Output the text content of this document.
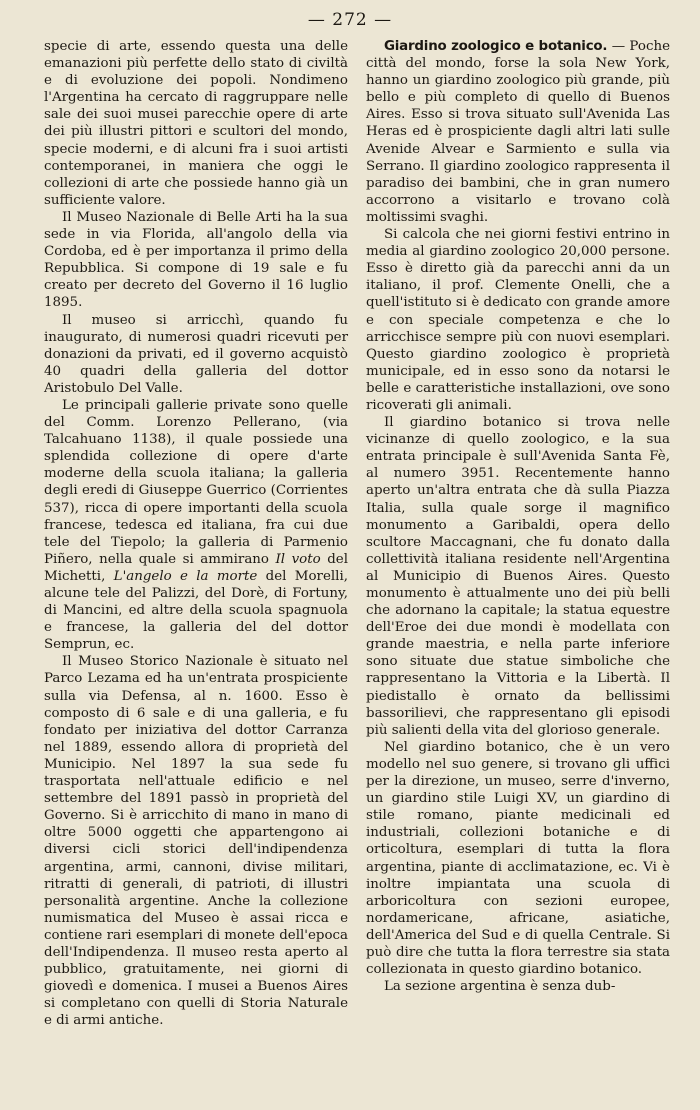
— 272 —

specie di arte, essendo questa una delle emanazioni più perfette dello stato di civiltà e di evoluzione dei popoli. Nondimeno l'Argentina ha cercato di raggruppare nelle sale dei suoi musei parecchie opere di arte dei più illustri pittori e scultori del mondo, specie moderni, e di alcuni fra i suoi artisti contemporanei, in maniera che oggi le collezioni di arte che possiede hanno già un sufficiente valore.

Il Museo Nazionale di Belle Arti ha la sua sede in via Florida, all'angolo della via Cordoba, ed è per importanza il primo della Repubblica. Si compone di 19 sale e fu creato per decreto del Governo il 16 luglio 1895.

Il museo si arricchì, quando fu inaugurato, di numerosi quadri ricevuti per donazioni da privati, ed il governo acquistò 40 quadri della galleria del dottor Aristobulo Del Valle.

Le principali gallerie private sono quelle del Comm. Lorenzo Pellerano, (via Talcahuano 1138), il quale possiede una splendida collezione di opere d'arte moderne della scuola italiana; la galleria degli eredi di Giuseppe Guerrico (Corrientes 537), ricca di opere importanti della scuola francese, tedesca ed italiana, fra cui due tele del Tiepolo; la galleria di Parmenio Piñero, nella quale si ammirano Il voto del Michetti, L'angelo e la morte del Morelli, alcune tele del Palizzi, del Dorè, di Fortuny, di Mancini, ed altre della scuola spagnuola e francese, la galleria del del dottor Semprun, ec.

Il Museo Storico Nazionale è situato nel Parco Lezama ed ha un'entrata prospiciente sulla via Defensa, al n. 1600. Esso è composto di 6 sale e di una galleria, e fu fondato per iniziativa del dottor Carranza nel 1889, essendo allora di proprietà del Municipio. Nel 1897 la sua sede fu trasportata nell'attuale edificio e nel settembre del 1891 passò in proprietà del Governo. Si è arricchito di mano in mano di oltre 5000 oggetti che appartengono ai diversi cicli storici dell'indipendenza argentina, armi, cannoni, divise militari, ritratti di generali, di patrioti, di illustri personalità argentine. Anche la collezione numismatica del Museo è assai ricca e contiene rari esemplari di monete dell'epoca dell'Indipendenza. Il museo resta aperto al pubblico, gratuitamente, nei giorni di giovedì e domenica. I musei a Buenos Aires si completano con quelli di Storia Naturale e di armi antiche.

Giardino zoologico e botanico. — Poche città del mondo, forse la sola New York, hanno un giardino zoologico più grande, più bello e più completo di quello di Buenos Aires. Esso si trova situato sull'Avenida Las Heras ed è prospiciente dagli altri lati sulle Avenide Alvear e Sarmiento e sulla via Serrano. Il giardino zoologico rappresenta il paradiso dei bambini, che in gran numero accorrono a visitarlo e trovano colà moltissimi svaghi.

Si calcola che nei giorni festivi entrino in media al giardino zoologico 20,000 persone. Esso è diretto già da parecchi anni da un italiano, il prof. Clemente Onelli, che a quell'istituto si è dedicato con grande amore e con speciale competenza e che lo arricchisce sempre più con nuovi esemplari. Questo giardino zoologico è proprietà municipale, ed in esso sono da notarsi le belle e caratteristiche installazioni, ove sono ricoverati gli animali.

Il giardino botanico si trova nelle vicinanze di quello zoologico, e la sua entrata principale è sull'Avenida Santa Fè, al numero 3951. Recentemente hanno aperto un'altra entrata che dà sulla Piazza Italia, sulla quale sorge il magnifico monumento a Garibaldi, opera dello scultore Maccagnani, che fu donato dalla collettività italiana residente nell'Argentina al Municipio di Buenos Aires. Questo monumento è attualmente uno dei più belli che adornano la capitale; la statua equestre dell'Eroe dei due mondi è modellata con grande maestria, e nella parte inferiore sono situate due statue simboliche che rappresentano la Vittoria e la Libertà. Il piedistallo è ornato da bellissimi bassorilievi, che rappresentano gli episodi più salienti della vita del glorioso generale.

Nel giardino botanico, che è un vero modello nel suo genere, si trovano gli uffici per la direzione, un museo, serre d'inverno, un giardino stile Luigi XV, un giardino di stile romano, piante medicinali ed industriali, collezioni botaniche e di orticoltura, esemplari di tutta la flora argentina, piante di acclimatazione, ec. Vi è inoltre impiantata una scuola di arboricoltura con sezioni europee, nordamericane, africane, asiatiche, dell'America del Sud e di quella Centrale. Si può dire che tutta la flora terrestre sia stata collezionata in questo giardino botanico.

La sezione argentina è senza dub-
